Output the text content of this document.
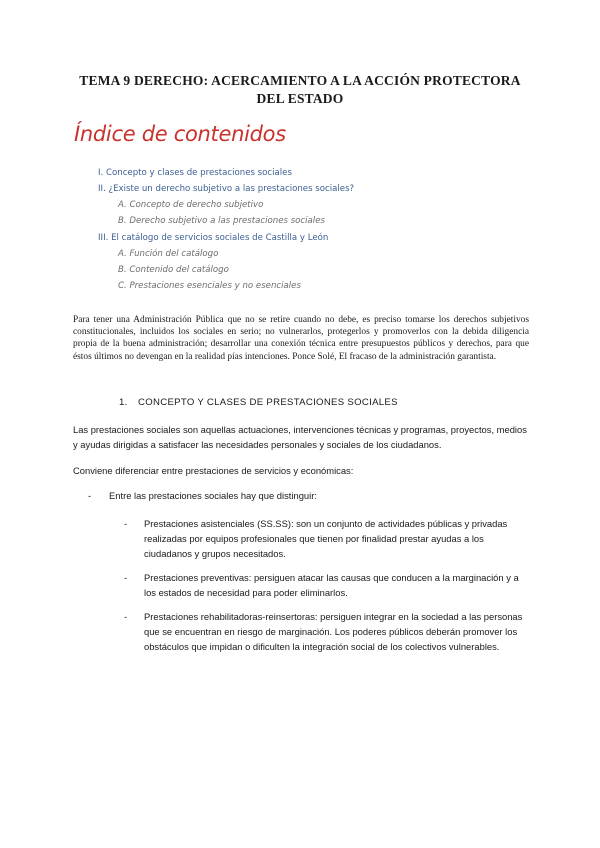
TEMA 9 DERECHO: ACERCAMIENTO A LA ACCIÓN PROTECTORA DEL ESTADO
Índice de contenidos
I. Concepto y clases de prestaciones sociales
II. ¿Existe un derecho subjetivo a las prestaciones sociales?
A. Concepto de derecho subjetivo
B. Derecho subjetivo a las prestaciones sociales
III. El catálogo de servicios sociales de Castilla y León
A. Función del catálogo
B. Contenido del catálogo
C. Prestaciones esenciales y no esenciales
Para tener una Administración Pública que no se retire cuando no debe, es preciso tomarse los derechos subjetivos constitucionales, incluidos los sociales en serio; no vulnerarlos, protegerlos y promoverlos con la debida diligencia propia de la buena administración; desarrollar una conexión técnica entre presupuestos públicos y derechos, para que éstos últimos no devengan en la realidad pías intenciones. Ponce Solé, El fracaso de la administración garantista.
1. CONCEPTO Y CLASES DE PRESTACIONES SOCIALES
Las prestaciones sociales son aquellas actuaciones, intervenciones técnicas y programas, proyectos, medios y ayudas dirigidas a satisfacer las necesidades personales y sociales de los ciudadanos.
Conviene diferenciar entre prestaciones de servicios y económicas:
- Entre las prestaciones sociales hay que distinguir:
- Prestaciones asistenciales (SS.SS): son un conjunto de actividades públicas y privadas realizadas por equipos profesionales que tienen por finalidad prestar ayudas a los ciudadanos y grupos necesitados.
- Prestaciones preventivas: persiguen atacar las causas que conducen a la marginación y a los estados de necesidad para poder eliminarlos.
- Prestaciones rehabilitadoras-reinsertoras: persiguen integrar en la sociedad a las personas que se encuentran en riesgo de marginación. Los poderes públicos deberán promover los obstáculos que impidan o dificulten la integración social de los colectivos vulnerables.
